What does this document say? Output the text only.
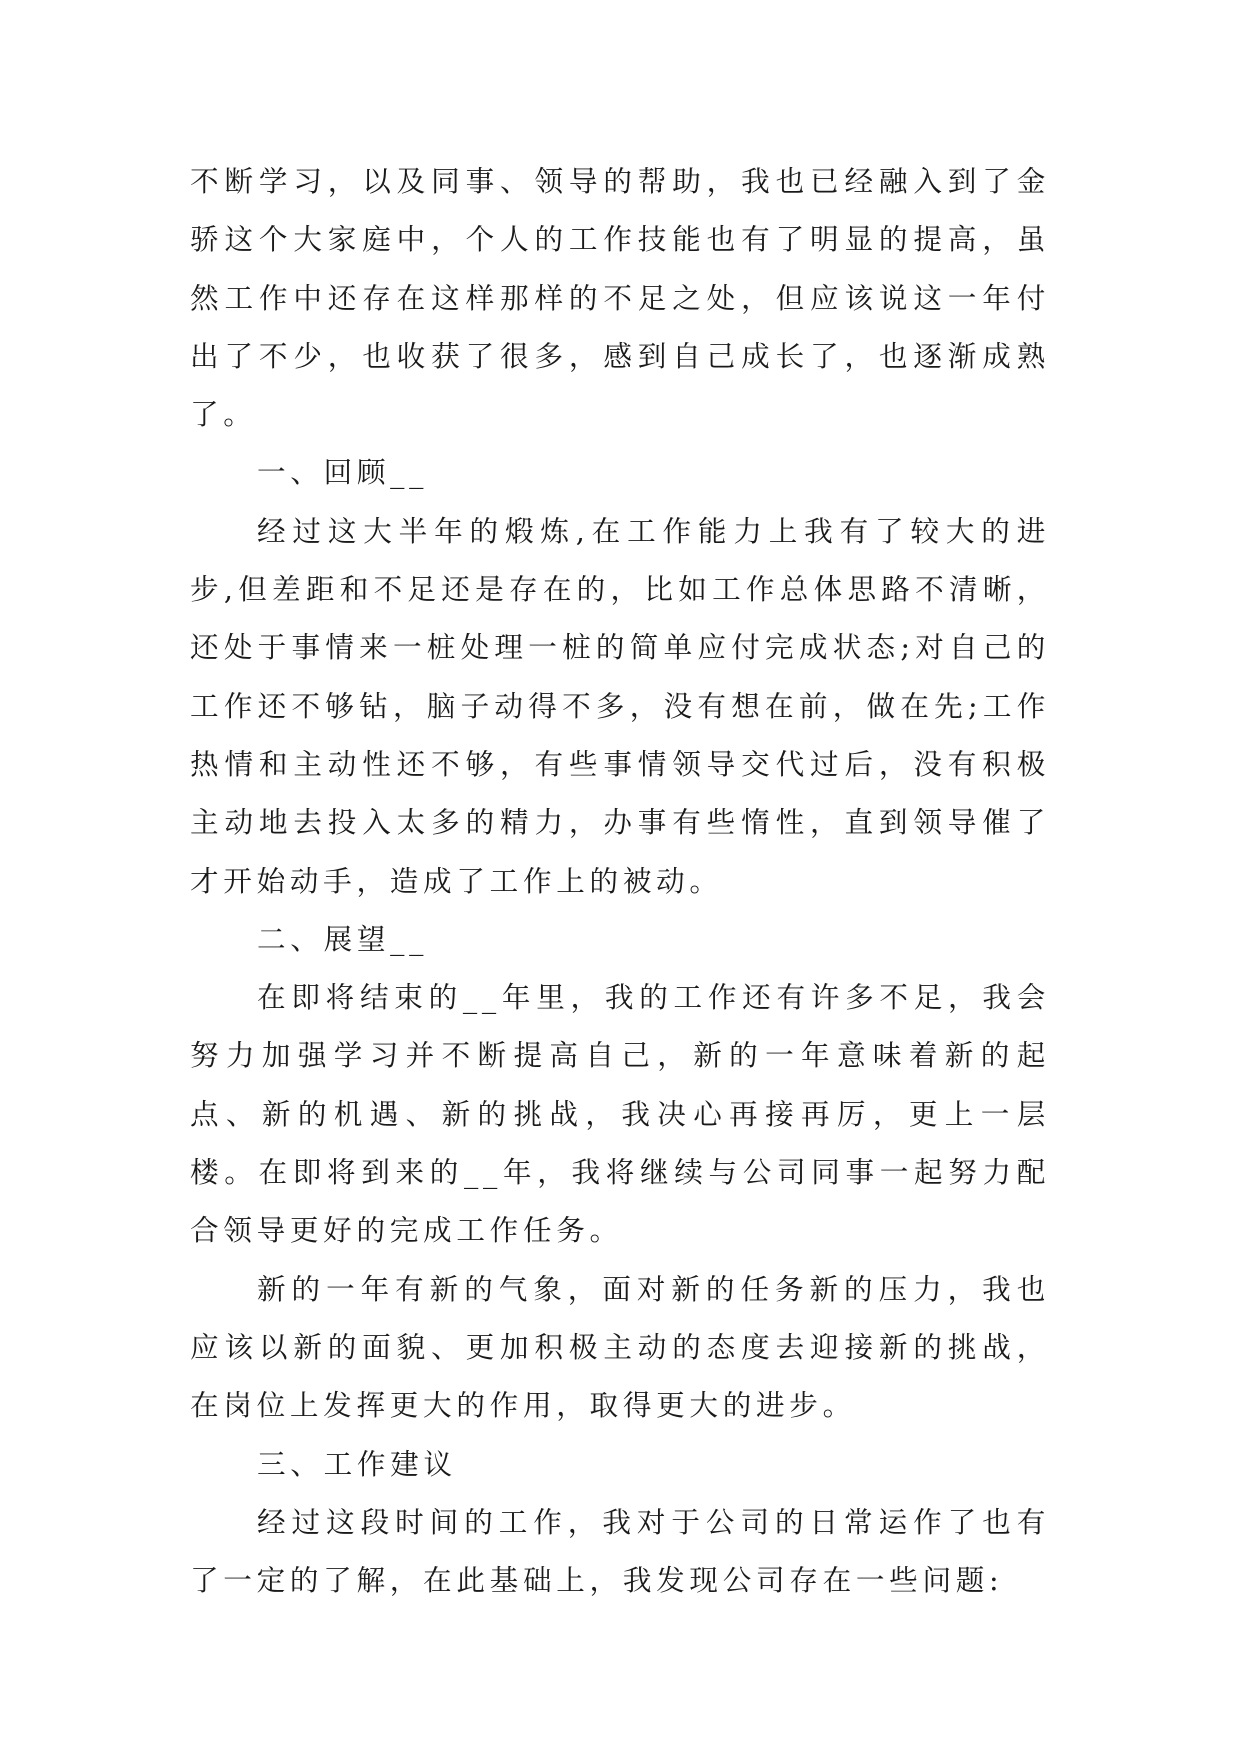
不断学习，以及同事、领导的帮助，我也已经融入到了金骄这个大家庭中，个人的工作技能也有了明显的提高，虽然工作中还存在这样那样的不足之处，但应该说这一年付出了不少，也收获了很多，感到自己成长了，也逐渐成熟了。

一、回顾__

经过这大半年的煅炼,在工作能力上我有了较大的进步,但差距和不足还是存在的，比如工作总体思路不清晰，还处于事情来一桩处理一桩的简单应付完成状态;对自己的工作还不够钻，脑子动得不多，没有想在前，做在先;工作热情和主动性还不够，有些事情领导交代过后，没有积极主动地去投入太多的精力，办事有些惰性，直到领导催了才开始动手，造成了工作上的被动。

二、展望__

在即将结束的__年里，我的工作还有许多不足，我会努力加强学习并不断提高自己，新的一年意味着新的起点、新的机遇、新的挑战，我决心再接再厉，更上一层楼。在即将到来的__年，我将继续与公司同事一起努力配合领导更好的完成工作任务。

新的一年有新的气象，面对新的任务新的压力，我也应该以新的面貌、更加积极主动的态度去迎接新的挑战，在岗位上发挥更大的作用，取得更大的进步。

三、工作建议

经过这段时间的工作，我对于公司的日常运作了也有了一定的了解，在此基础上，我发现公司存在一些问题:
